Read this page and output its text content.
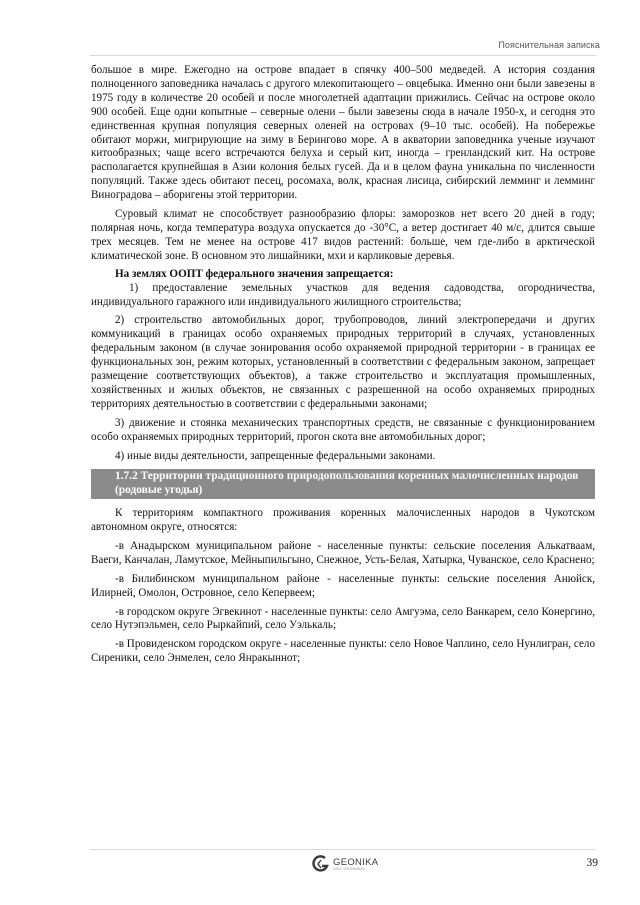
Пояснительная записка

большое в мире. Ежегодно на острове впадает в спячку 400–500 медведей. А история создания полноценного заповедника началась с другого млекопитающего – овцебыка. Именно они были завезены в 1975 году в количестве 20 особей и после многолетней адаптации прижились. Сейчас на острове около 900 особей. Еще одни копытные – северные олени – были завезены сюда в начале 1950-х, и сегодня это единственная крупная популяция северных оленей на островах (9–10 тыс. особей). На побережье обитают моржи, мигрирующие на зиму в Берингово море. А в акватории заповедника ученые изучают китообразных; чаще всего встречаются белуха и серый кит, иногда – гренландский кит. На острове располагается крупнейшая в Азии колония белых гусей. Да и в целом фауна уникальна по численности популяций. Также здесь обитают песец, росомаха, волк, красная лисица, сибирский лемминг и лемминг Виноградова – аборигены этой территории.

Суровый климат не способствует разнообразию флоры: заморозков нет всего 20 дней в году; полярная ночь, когда температура воздуха опускается до -30°C, а ветер достигает 40 м/с, длится свыше трех месяцев. Тем не менее на острове 417 видов растений: больше, чем где-либо в арктической климатической зоне. В основном это лишайники, мхи и карликовые деревья.

На землях ООПТ федерального значения запрещается:

1) предоставление земельных участков для ведения садоводства, огородничества, индивидуального гаражного или индивидуального жилищного строительства;

2) строительство автомобильных дорог, трубопроводов, линий электропередачи и других коммуникаций в границах особо охраняемых природных территорий в случаях, установленных федеральным законом (в случае зонирования особо охраняемой природной территории - в границах ее функциональных зон, режим которых, установленный в соответствии с федеральным законом, запрещает размещение соответствующих объектов), а также строительство и эксплуатация промышленных, хозяйственных и жилых объектов, не связанных с разрешенной на особо охраняемых природных территориях деятельностью в соответствии с федеральными законами;

3) движение и стоянка механических транспортных средств, не связанные с функционированием особо охраняемых природных территорий, прогон скота вне автомобильных дорог;

4) иные виды деятельности, запрещенные федеральными законами.

1.7.2 Территории традиционного природопользования коренных малочисленных народов (родовые угодья)

К территориям компактного проживания коренных малочисленных народов в Чукотском автономном округе, относятся:

-в Анадырском муниципальном районе - населенные пункты: сельские поселения Алькатваам, Ваеги, Канчалан, Ламутское, Мейныпильгыно, Снежное, Усть-Белая, Хатырка, Чуванское, село Краснено;

-в Билибинском муниципальном районе - населенные пункты: сельские поселения Анюйск, Илирней, Омолон, Островное, село Кепервеем;

-в городском округе Эгвекинот - населенные пункты: село Амгуэма, село Ванкарем, село Конергино, село Нутэпэльмен, село Рыркайпий, село Уэлькаль;

-в Провиденском городском округе - населенные пункты: село Новое Чаплино, село Нунлигран, село Сиреники, село Энмелен, село Янракыннот;

GEONIKA
ООО «ГЕОНИКА»	39
